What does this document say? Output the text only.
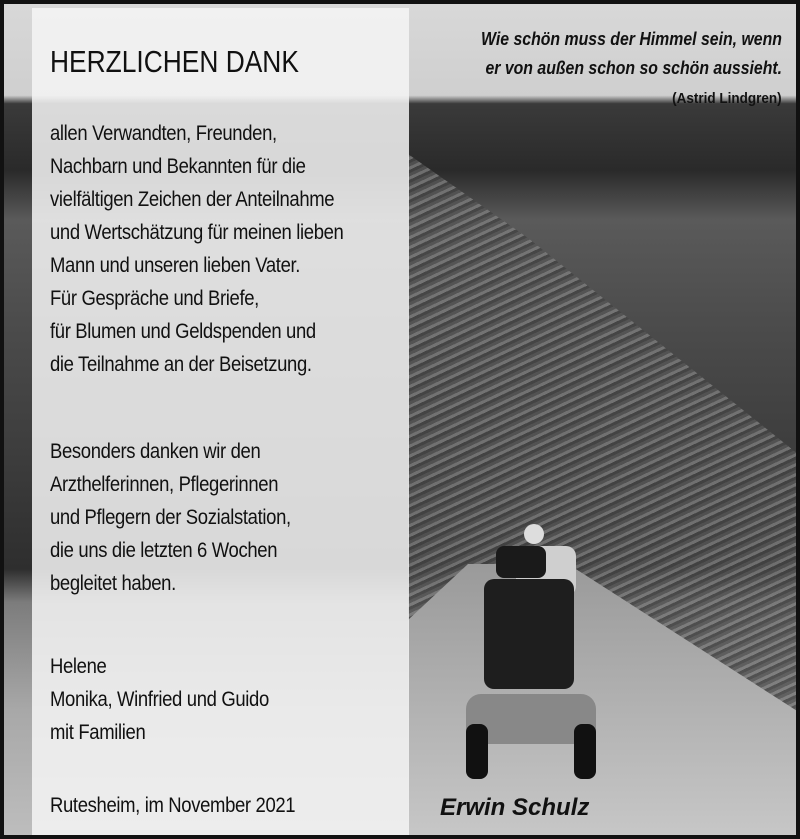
HERZLICHEN DANK
allen Verwandten, Freunden,
Nachbarn und Bekannten für die
vielfältigen Zeichen der Anteilnahme
und Wertschätzung für meinen lieben
Mann und unseren lieben Vater.
Für Gespräche und Briefe,
für Blumen und Geldspenden und
die Teilnahme an der Beisetzung.
Besonders danken wir den
Arzthelferinnen, Pflegerinnen
und Pflegern der Sozialstation,
die uns die letzten 6 Wochen
begleitet haben.
Helene
Monika, Winfried und Guido
mit Familien
Rutesheim, im November 2021
Wie schön muss der Himmel sein, wenn
er von außen schon so schön aussieht.
(Astrid Lindgren)
Erwin Schulz
